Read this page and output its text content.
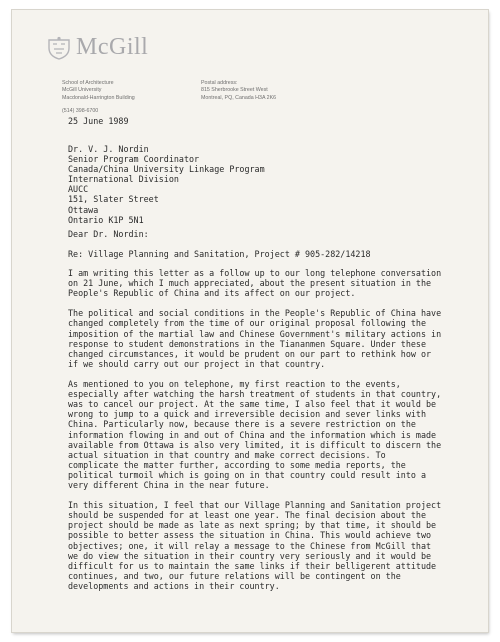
McGill
School of Architecture
McGill University
Macdonald-Harrington Building
Postal address:
815 Sherbrooke Street West
Montreal, PQ, Canada H3A 2K6
(514) 398-6700
25 June 1989
Dr. V. J. Nordin
Senior Program Coordinator
Canada/China University Linkage Program
International Division
AUCC
151, Slater Street
Ottawa
Ontario K1P 5N1
Dear Dr. Nordin:
Re: Village Planning and Sanitation, Project # 905-282/14218
I am writing this letter as a follow up to our long telephone conversation
on 21 June, which I much appreciated, about the present situation in the
People's Republic of China and its affect on our project.
The political and social conditions in the People's Republic of China have
changed completely from the time of our original proposal following the
imposition of the martial law and Chinese Government's military actions in
response to student demonstrations in the Tiananmen Square. Under these
changed circumstances, it would be prudent on our part to rethink how or
if we should carry out our project in that country.
As mentioned to you on telephone, my first reaction to the events,
especially after watching the harsh treatment of students in that country,
was to cancel our project. At the same time, I also feel that it would be
wrong to jump to a quick and irreversible decision and sever links with
China. Particularly now, because there is a severe restriction on the
information flowing in and out of China and the information which is made
available from Ottawa is also very limited, it is difficult to discern the
actual situation in that country and make correct decisions. To
complicate the matter further, according to some media reports, the
political turmoil which is going on in that country could result into a
very different China in the near future.
In this situation, I feel that our Village Planning and Sanitation project
should be suspended for at least one year. The final decision about the
project should be made as late as next spring; by that time, it should be
possible to better assess the situation in China. This would achieve two
objectives; one, it will relay a message to the Chinese from McGill that
we do view the situation in their country very seriously and it would be
difficult for us to maintain the same links if their belligerent attitude
continues, and two, our future relations will be contingent on the
developments and actions in their country.
